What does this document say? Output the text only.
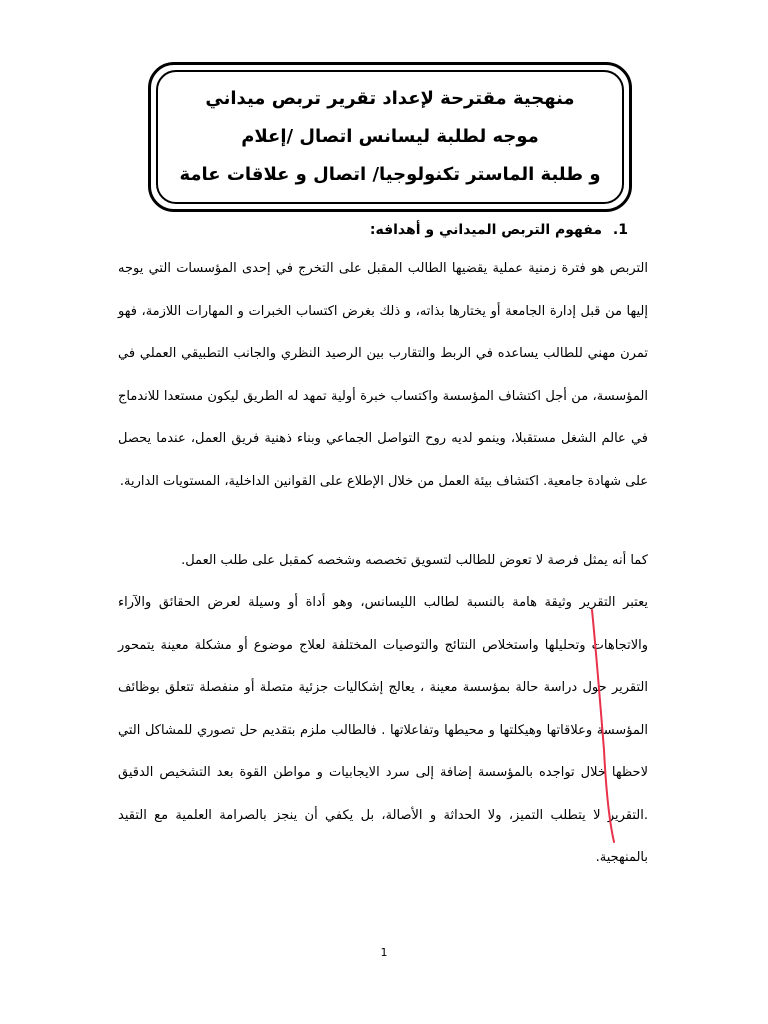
منهجية مقترحة لإعداد تقرير تربص ميداني
موجه لطلبة ليسانس اتصال /إعلام
و طلبة الماستر تكنولوجيا/ اتصال و علاقات عامة
1. مفهوم التربص الميداني و أهدافه:
التربص هو فترة زمنية عملية يقضيها الطالب المقبل على التخرج في إحدى المؤسسات التي يوجه إليها من قبل إدارة الجامعة أو يختارها بذاته، و ذلك بغرض اكتساب الخبرات و المهارات اللازمة، فهو تمرن مهني للطالب يساعده في الربط والتقارب بين الرصيد النظري والجانب التطبيقي العملي في المؤسسة، من أجل اكتشاف المؤسسة واكتساب خبرة أولية تمهد له الطريق ليكون مستعدا للاندماج في عالم الشغل مستقبلا، وينمو لديه روح التواصل الجماعي وبناء ذهنية فريق العمل، عندما يحصل على شهادة جامعية. اكتشاف بيئة العمل من خلال الإطلاع على القوانين الداخلية، المستويات الدارية.
كما أنه يمثل فرصة لا تعوض للطالب لتسويق تخصصه وشخصه كمقبل على طلب العمل.
يعتبر التقرير وثيقة هامة بالنسبة لطالب الليسانس، وهو أداة أو وسيلة لعرض الحقائق والآراء والاتجاهات وتحليلها واستخلاص النتائج والتوصيات المختلفة لعلاج موضوع أو مشكلة معينة يتمحور التقرير حول دراسة حالة بمؤسسة معينة ، يعالج إشكاليات جزئية متصلة أو منفصلة تتعلق بوظائف المؤسسة وعلاقاتها وهيكلتها و محيطها وتفاعلاتها . فالطالب ملزم بتقديم حل تصوري للمشاكل التي لاحظها خلال تواجده بالمؤسسة إضافة إلى سرد الايجابيات و مواطن القوة بعد التشخيص الدقيق .التقرير لا يتطلب التميز، ولا الحداثة و الأصالة، بل يكفي أن ينجز بالصرامة العلمية مع التقيد بالمنهجية.
1
